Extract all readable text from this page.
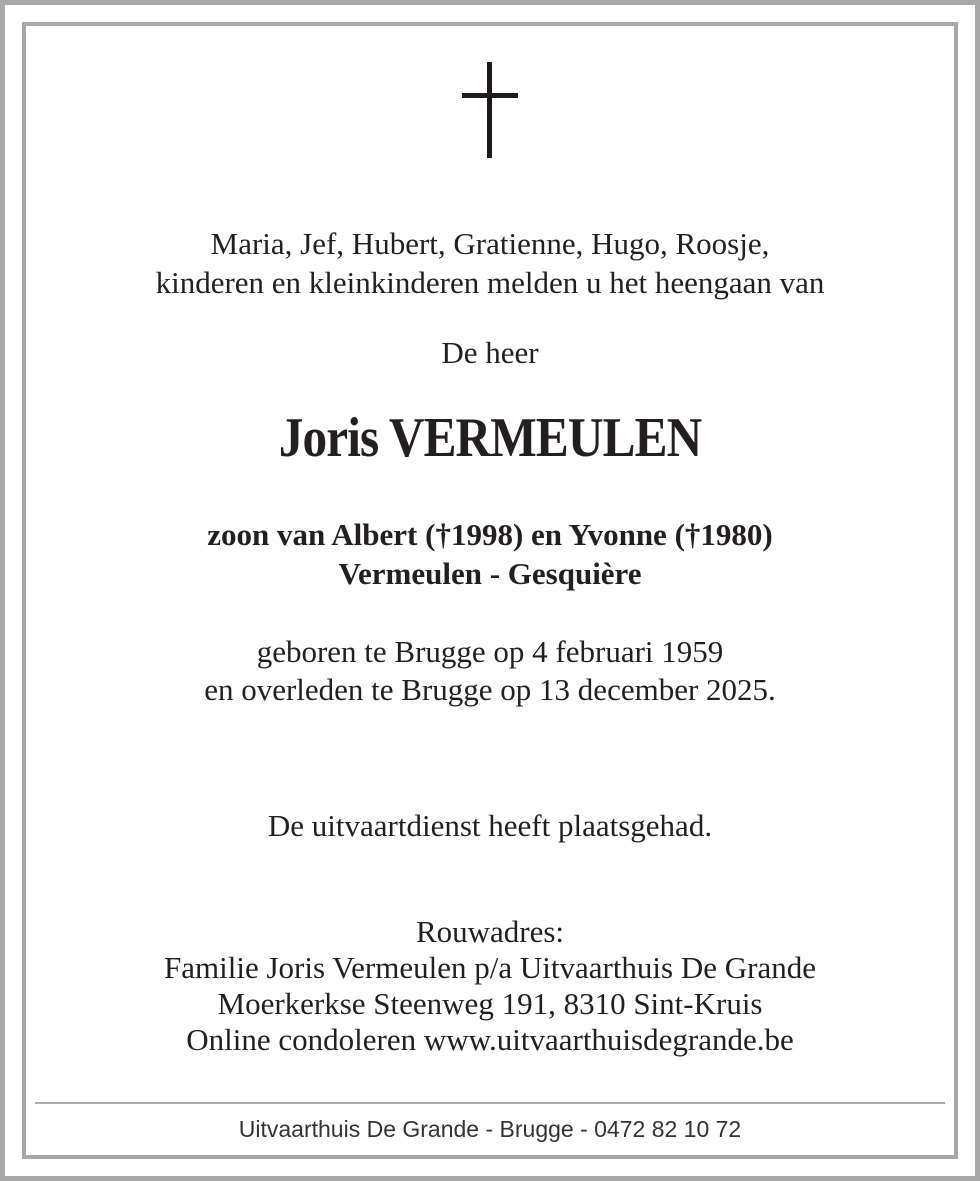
Maria, Jef, Hubert, Gratienne, Hugo, Roosje,
kinderen en kleinkinderen melden u het heengaan van
De heer
Joris VERMEULEN
zoon van Albert (†1998) en Yvonne (†1980)
Vermeulen - Gesquière
geboren te Brugge op 4 februari 1959
en overleden te Brugge op 13 december 2025.
De uitvaartdienst heeft plaatsgehad.
Rouwadres:
Familie Joris Vermeulen p/a Uitvaarthuis De Grande
Moerkerkse Steenweg 191, 8310 Sint-Kruis
Online condoleren www.uitvaarthuisdegrande.be
Uitvaarthuis De Grande - Brugge - 0472 82 10 72
